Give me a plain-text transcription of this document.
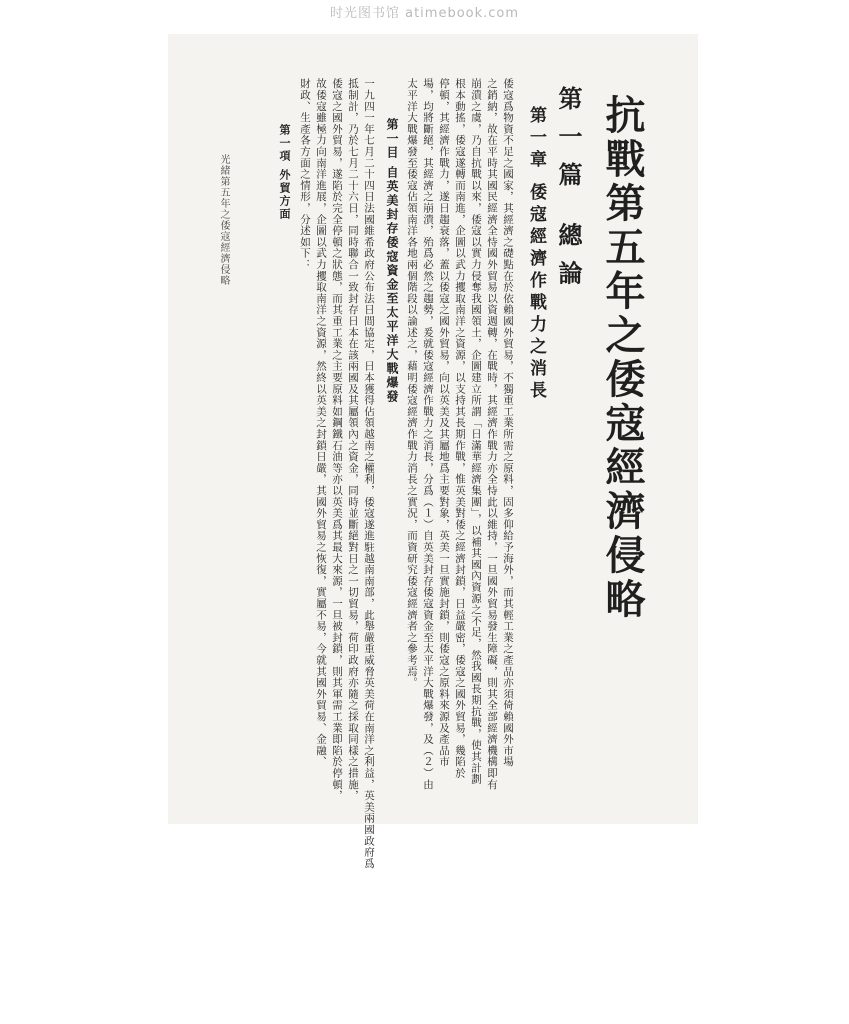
时光图书馆 atimebook.com
抗戰第五年之倭寇經濟侵略
第一篇 總論
第一章 倭寇經濟作戰力之消長
倭寇爲物資不足之國家，其經濟之礎點在於依賴國外貿易，不獨重工業所需之原料，固多仰給予海外，而其輕工業之產品亦須倚賴國外市場
之銷納，故在平時其國民經濟全恃國外貿易以資週轉，在戰時，其經濟作戰力亦全恃此以維持，一旦國外貿易發生障礙，則其全部經濟機構即有
崩潰之虞，乃自抗戰以來，倭寇以實力侵奪我國領土，企圖建立所謂「日滿華經濟集團」，以補其國內資源之不足，然我國長期抗戰，使其計劃
根本動搖，倭寇遂轉而南進，企圖以武力攫取南洋之資源，以支持其長期作戰，惟英美對倭之經濟封鎖，日益嚴密，倭寇之國外貿易，幾陷於
停頓，其經濟作戰力，遂日趨衰落，蓋以倭寇之國外貿易，向以英美及其屬地爲主要對象，英美一旦實施封鎖，則倭寇之原料來源及產品市
場，均將斷絕，其經濟之崩潰，殆爲必然之趨勢，爰就倭寇經濟作戰力之消長，分爲（１）自英美封存倭寇資金至太平洋大戰爆發，及（２）由
太平洋大戰爆發至倭寇佔領南洋各地兩個階段以論述之，藉明倭寇經濟作戰力消長之實況，而資研究倭寇經濟者之參考焉。
第一目 自英美封存倭寇資金至太平洋大戰爆發
一九四一年七月二十四日法國維希政府公布法日間協定，日本獲得佔領越南之權利，倭寇遂進駐越南南部，此舉嚴重威脅英美荷在南洋之利益，英美兩國政府爲
抵制計，乃於七月二十六日，同時聯合一致封存日本在該兩國及其屬領內之資金，同時並斷絕對日之一切貿易，荷印政府亦隨之採取同樣之措施，
倭寇之國外貿易，遂陷於完全停頓之狀態，而其重工業之主要原料如鋼鐵石油等亦以英美爲其最大來源，一旦被封鎖，則其軍需工業即陷於停頓，
故倭寇雖極力向南洋進展，企圖以武力攫取南洋之資源，然終以英美之封鎖日嚴，其國外貿易之恢復，實屬不易，今就其國外貿易、金融、
財政、生產各方面之情形，分述如下：
第一項 外貿方面
光緒第五年之倭寇經濟侵略
